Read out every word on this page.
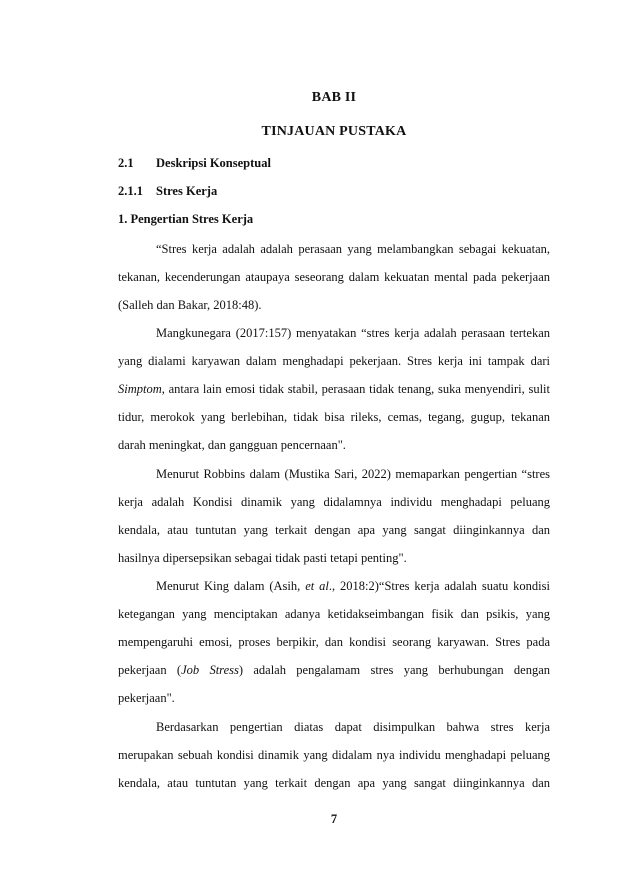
BAB II
TINJAUAN PUSTAKA
2.1 Deskripsi Konseptual
2.1.1 Stres Kerja
1. Pengertian Stres Kerja
“Stres kerja adalah adalah perasaan yang melambangkan sebagai kekuatan,
tekanan, kecenderungan ataupaya seseorang dalam kekuatan mental pada pekerjaan
(Salleh dan Bakar, 2018:48).
Mangkunegara (2017:157) menyatakan “stres kerja adalah perasaan tertekan
yang dialami karyawan dalam menghadapi pekerjaan. Stres kerja ini tampak dari
Simptom, antara lain emosi tidak stabil, perasaan tidak tenang, suka menyendiri, sulit
tidur, merokok yang berlebihan, tidak bisa rileks, cemas, tegang, gugup, tekanan
darah meningkat, dan gangguan pencernaan".
Menurut Robbins dalam (Mustika Sari, 2022) memaparkan pengertian “stres
kerja adalah Kondisi dinamik yang didalamnya individu menghadapi peluang
kendala, atau tuntutan yang terkait dengan apa yang sangat diinginkannya dan
hasilnya dipersepsikan sebagai tidak pasti tetapi penting".
Menurut King dalam (Asih, et al., 2018:2)“Stres kerja adalah suatu kondisi
ketegangan yang menciptakan adanya ketidakseimbangan fisik dan psikis, yang
mempengaruhi emosi, proses berpikir, dan kondisi seorang karyawan. Stres pada
pekerjaan (Job Stress) adalah pengalamam stres yang berhubungan dengan
pekerjaan".
Berdasarkan pengertian diatas dapat disimpulkan bahwa stres kerja
merupakan sebuah kondisi dinamik yang didalam nya individu menghadapi peluang
kendala, atau tuntutan yang terkait dengan apa yang sangat diinginkannya dan
7
